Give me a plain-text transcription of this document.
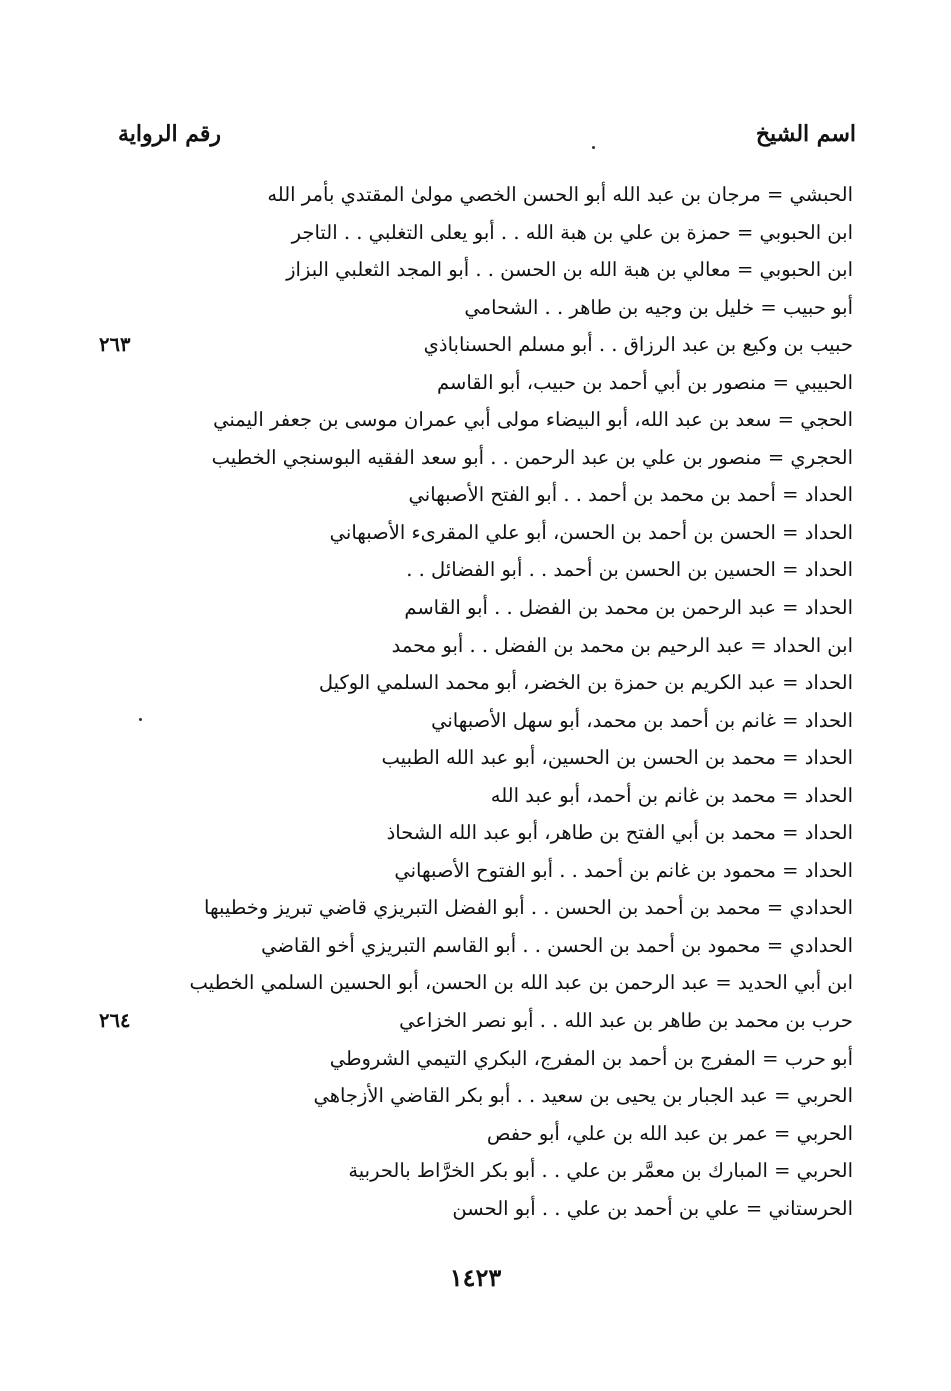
اسم الشيخ
رقم الرواية
الحبشي = مرجان بن عبد الله أبو الحسن الخصي مولىٰ المقتدي بأمر الله
ابن الحبوبي = حمزة بن علي بن هبة الله . . أبو يعلى التغلبي . . التاجر
ابن الحبوبي = معالي بن هبة الله بن الحسن . . أبو المجد الثعلبي البزاز
أبو حبيب = خليل بن وجيه بن طاهر . . الشحامي
حبيب بن وكيع بن عبد الرزاق . . أبو مسلم الحسناباذي
٢٦٣
الحبيبي = منصور بن أبي أحمد بن حبيب، أبو القاسم
الحجي = سعد بن عبد الله، أبو البيضاء مولى أبي عمران موسى بن جعفر اليمني
الحجري = منصور بن علي بن عبد الرحمن . . أبو سعد الفقيه البوسنجي الخطيب
الحداد = أحمد بن محمد بن أحمد . . أبو الفتح الأصبهاني
الحداد = الحسن بن أحمد بن الحسن، أبو علي المقرىء الأصبهاني
الحداد = الحسين بن الحسن بن أحمد . . أبو الفضائل . .
الحداد = عبد الرحمن بن محمد بن الفضل . . أبو القاسم
ابن الحداد = عبد الرحيم بن محمد بن الفضل . . أبو محمد
الحداد = عبد الكريم بن حمزة بن الخضر، أبو محمد السلمي الوكيل
الحداد = غانم بن أحمد بن محمد، أبو سهل الأصبهاني
الحداد = محمد بن الحسن بن الحسين، أبو عبد الله الطبيب
الحداد = محمد بن غانم بن أحمد، أبو عبد الله
الحداد = محمد بن أبي الفتح بن طاهر، أبو عبد الله الشحاذ
الحداد = محمود بن غانم بن أحمد . . أبو الفتوح الأصبهاني
الحدادي = محمد بن أحمد بن الحسن . . أبو الفضل التبريزي قاضي تبريز وخطيبها
الحدادي = محمود بن أحمد بن الحسن . . أبو القاسم التبريزي أخو القاضي
ابن أبي الحديد = عبد الرحمن بن عبد الله بن الحسن، أبو الحسين السلمي الخطيب
حرب بن محمد بن طاهر بن عبد الله . . أبو نصر الخزاعي
٢٦٤
أبو حرب = المفرج بن أحمد بن المفرج، البكري التيمي الشروطي
الحربي = عبد الجبار بن يحيى بن سعيد . . أبو بكر القاضي الأزجاهي
الحربي = عمر بن عبد الله بن علي، أبو حفص
الحربي = المبارك بن معمَّر بن علي . . أبو بكر الخرَّاط بالحربية
الحرستاني = علي بن أحمد بن علي . . أبو الحسن
١٤٢٣
